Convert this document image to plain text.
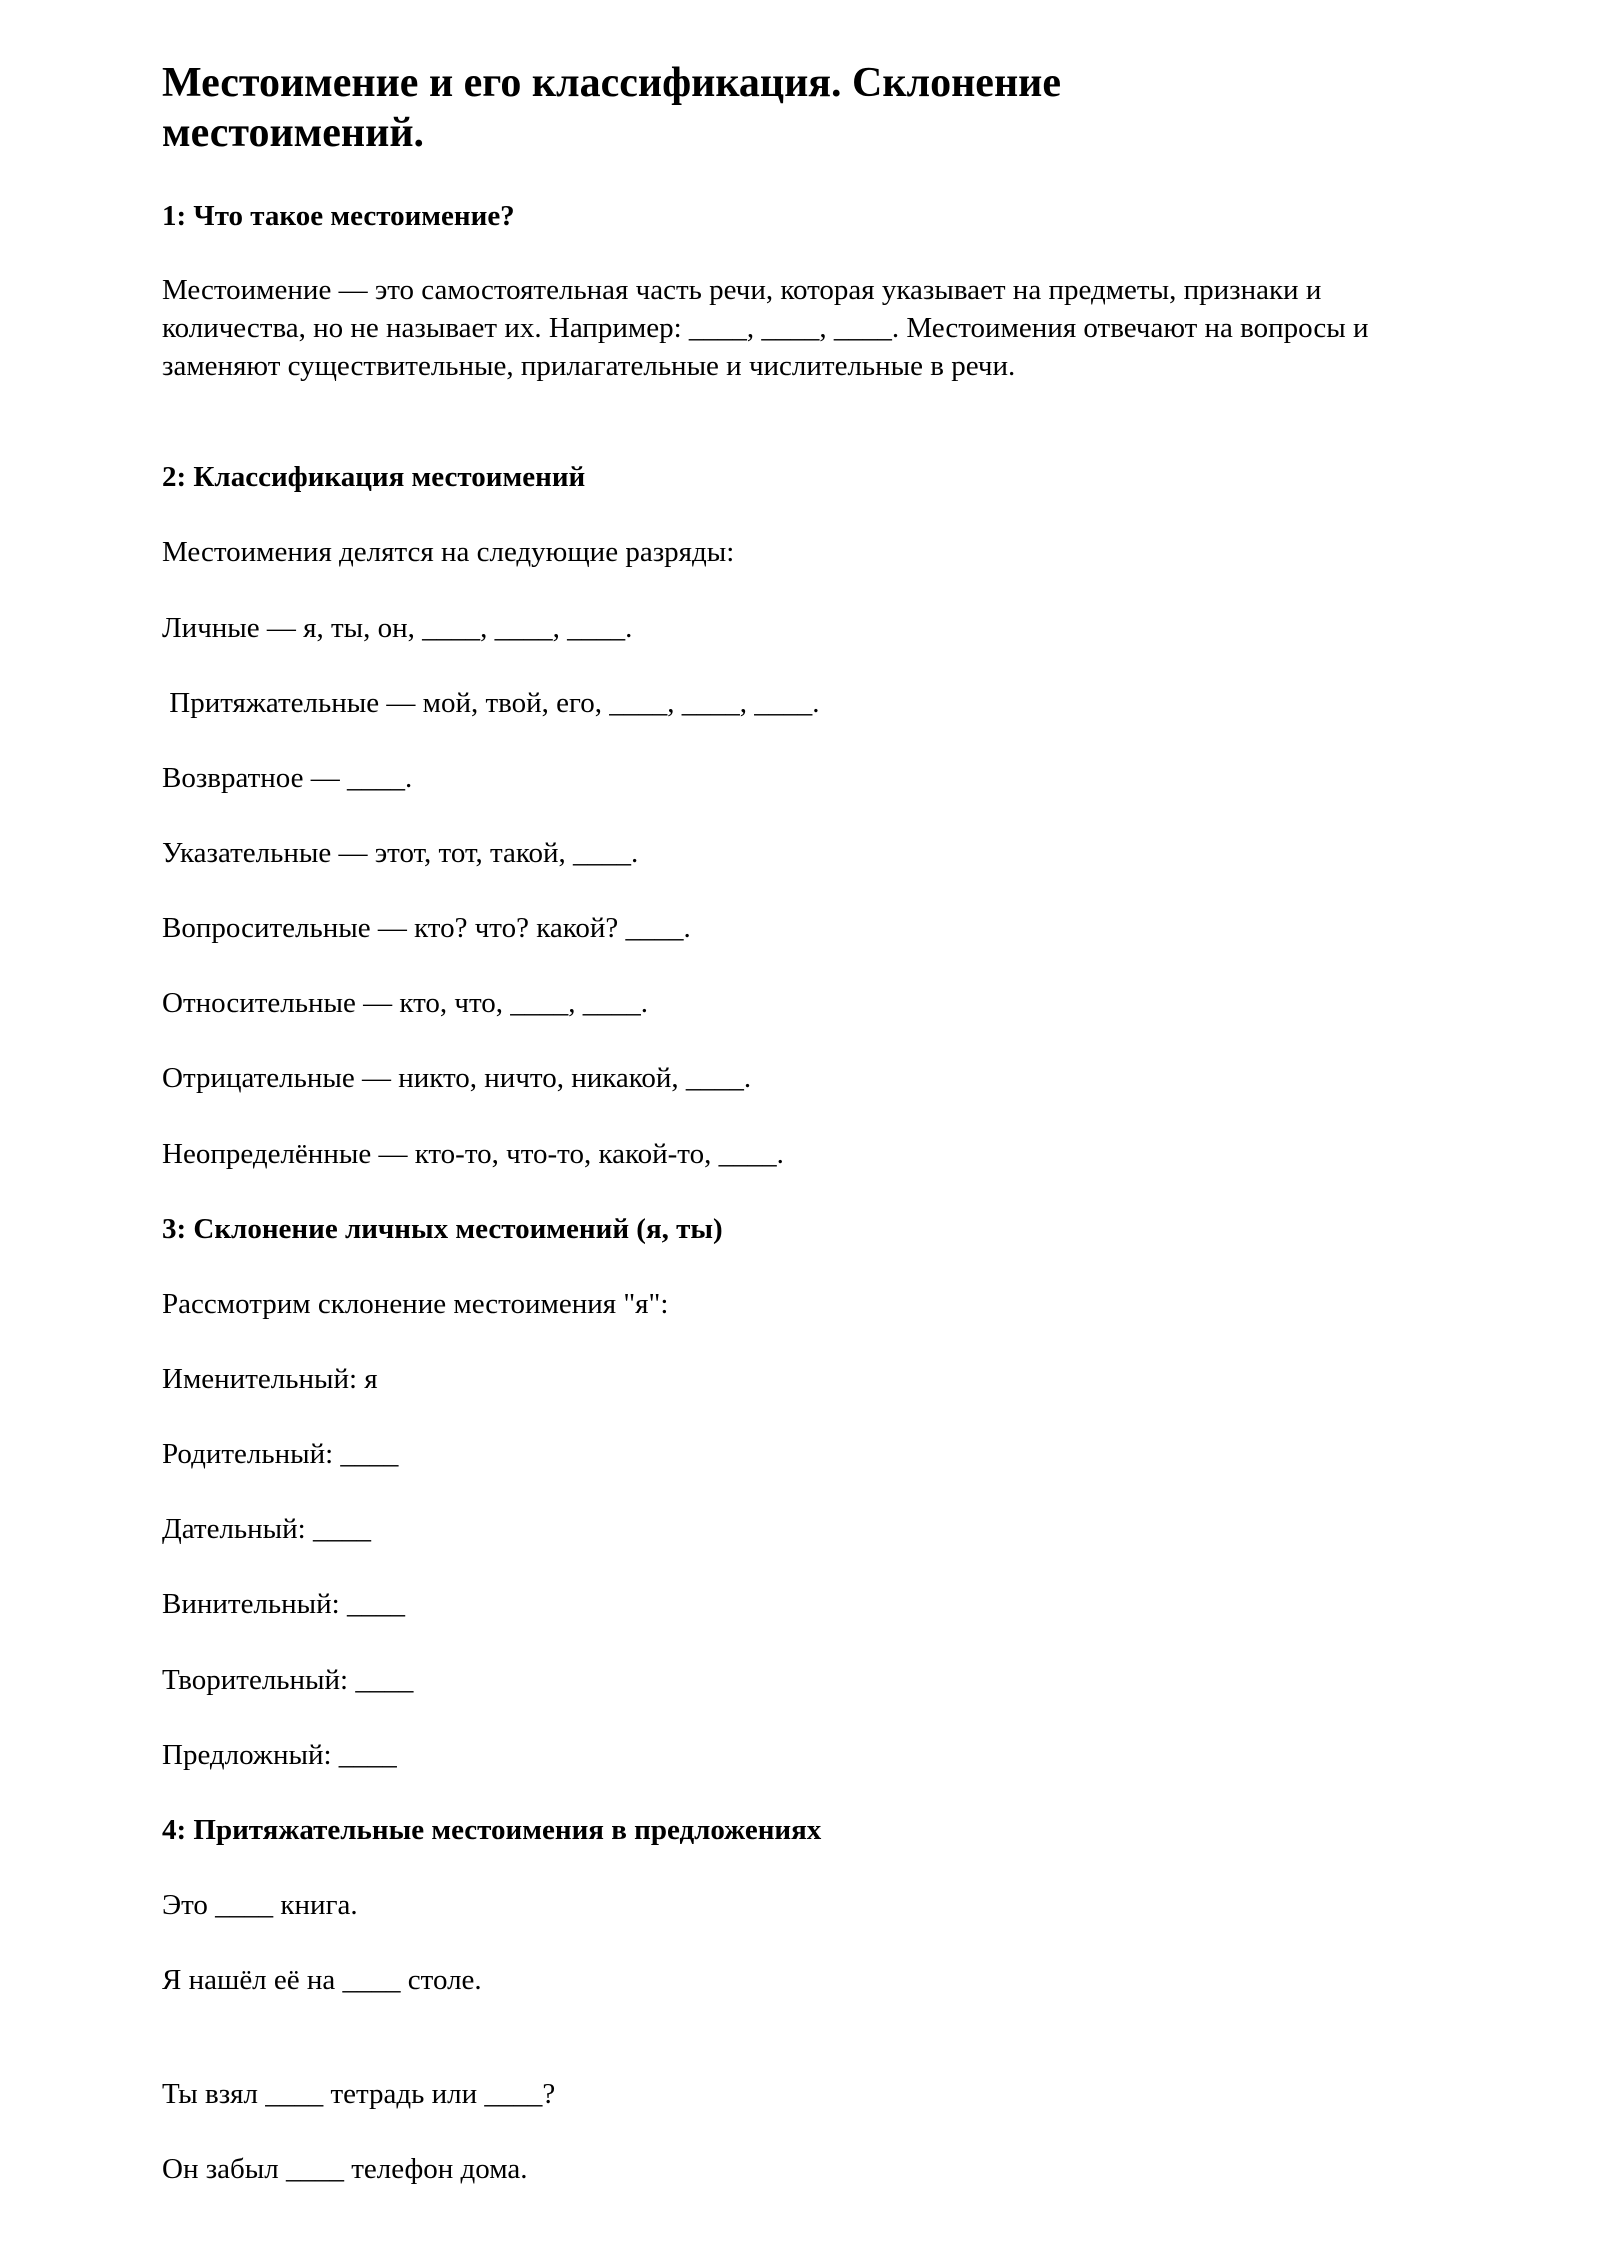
Местоимение и его классификация. Склонение местоимений.
1: Что такое местоимение?

Местоимение — это самостоятельная часть речи, которая указывает на предметы, признаки и количества, но не называет их. Например: ____, ____, ____. Местоимения отвечают на вопросы и заменяют существительные, прилагательные и числительные в речи.

2: Классификация местоимений

Местоимения делятся на следующие разряды:

Личные — я, ты, он, ____, ____, ____.

Притяжательные — мой, твой, его, ____, ____, ____.

Возвратное — ____.

Указательные — этот, тот, такой, ____.

Вопросительные — кто? что? какой? ____.

Относительные — кто, что, ____, ____.

Отрицательные — никто, ничто, никакой, ____.

Неопределённые — кто-то, что-то, какой-то, ____.

3: Склонение личных местоимений (я, ты)

Рассмотрим склонение местоимения "я":

Именительный: я

Родительный: ____

Дательный: ____

Винительный: ____

Творительный: ____

Предложный: ____

4: Притяжательные местоимения в предложениях

Это ____ книга.

Я нашёл её на ____ столе.

Ты взял ____ тетрадь или ____?

Он забыл ____ телефон дома.
